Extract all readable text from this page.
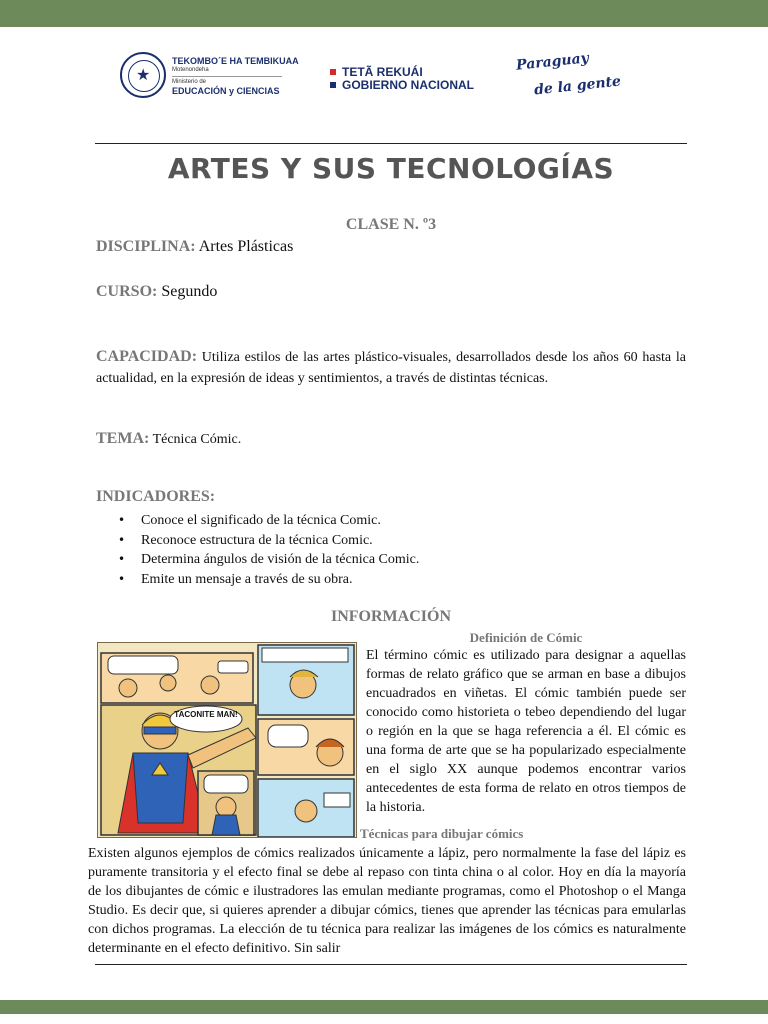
★
TEKOMBO´E HA TEMBIKUAA
Motenondeha
Ministerio de
EDUCACIÓN y CIENCIAS
TETÃ REKUÁI
GOBIERNO NACIONAL
Paraguay
de la gente
ARTES Y SUS TECNOLOGÍAS
CLASE N. º3
DISCIPLINA: Artes Plásticas
CURSO: Segundo
CAPACIDAD: Utiliza estilos de las artes plástico-visuales, desarrollados desde los años 60 hasta la actualidad, en la expresión de ideas y sentimientos, a través de distintas técnicas.
TEMA: Técnica Cómic.
INDICADORES:
• Conoce el significado de la técnica Comic.
• Reconoce estructura de la técnica Comic.
• Determina ángulos de visión de la técnica Comic.
• Emite un mensaje a través de su obra.
INFORMACIÓN
Definición de Cómic
TACONITE MAN!
El término cómic es utilizado para designar a aquellas formas de relato gráfico que se arman en base a dibujos encuadrados en viñetas. El cómic también puede ser conocido como historieta o tebeo dependiendo del lugar o región en la que se haga referencia a él. El cómic es una forma de arte que se ha popularizado especialmente en el siglo XX aunque podemos encontrar varios antecedentes de esta forma de relato en otros tiempos de la historia.
Técnicas para dibujar cómics
Existen algunos ejemplos de cómics realizados únicamente a lápiz, pero normalmente la fase del lápiz es puramente transitoria y el efecto final se debe al repaso con tinta china o al color. Hoy en día la mayoría de los dibujantes de cómic e ilustradores las emulan mediante programas, como el Photoshop o el Manga Studio. Es decir que, si quieres aprender a dibujar cómics, tienes que aprender las técnicas para emularlas con dichos programas. La elección de tu técnica para realizar las imágenes de los cómics es naturalmente determinante en el efecto definitivo. Sin salir
